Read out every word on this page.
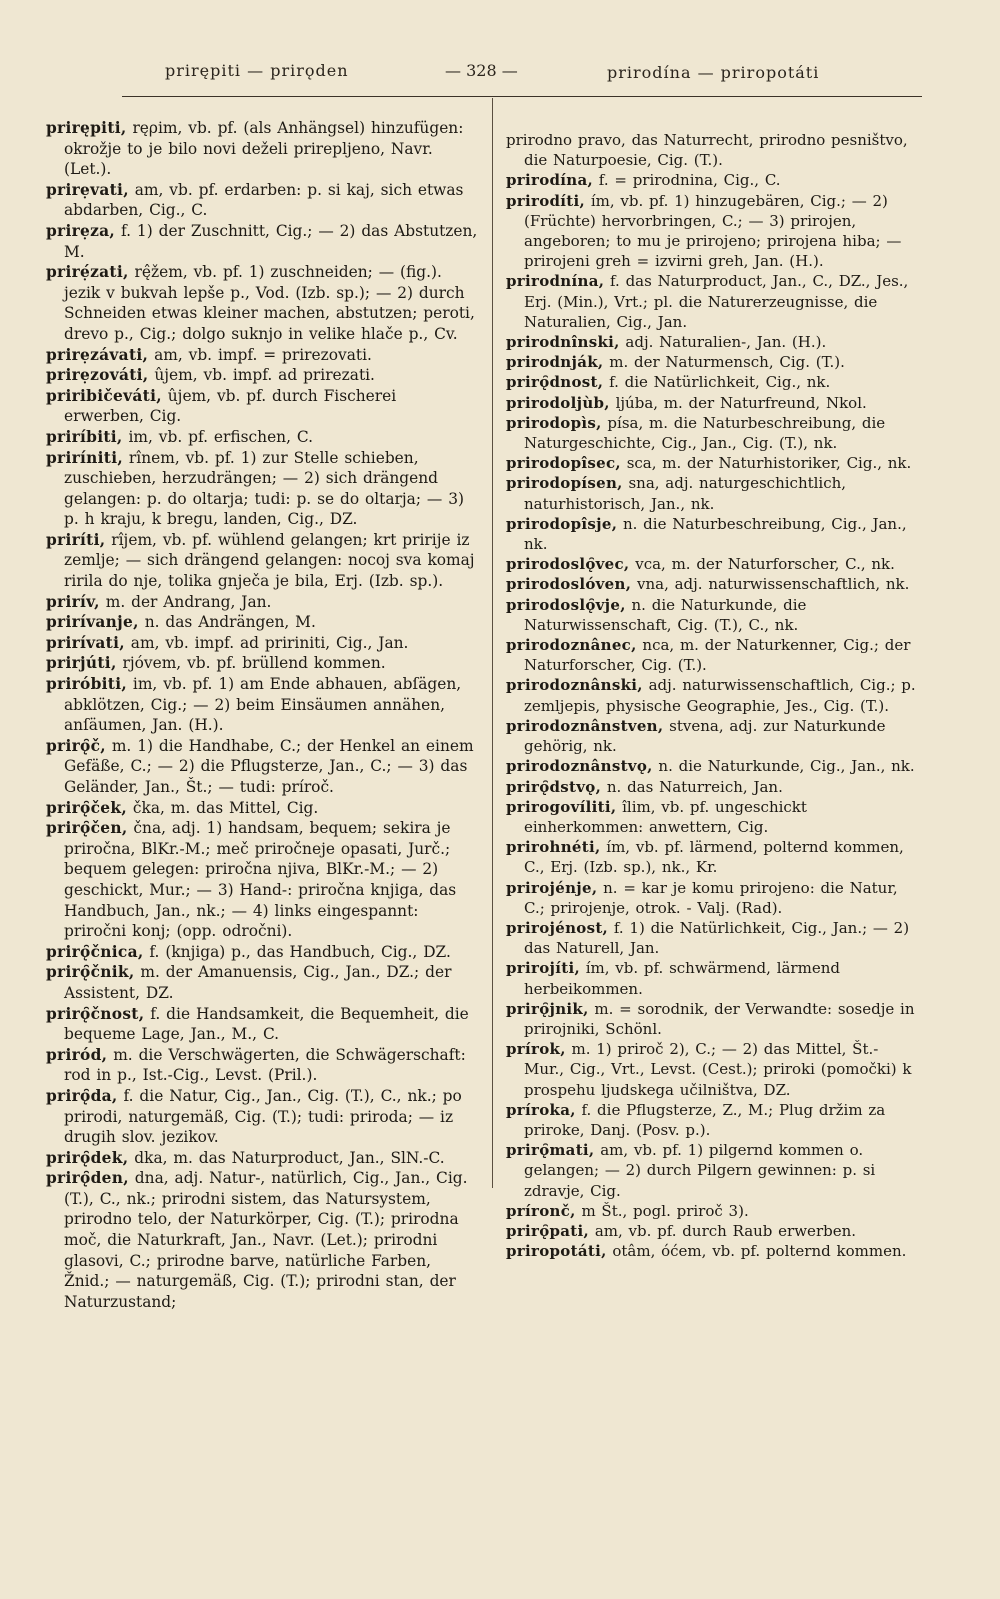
prirępiti — prirǫden	— 328 —	prirodína — priropotáti
prirępiti, ręρim, vb. pf. (als Anhängsel) hinzufügen: okrožje to je bilo novi deželi prirepljeno, Navr. (Let.).
prirẹvati, am, vb. pf. erdarben: p. si kaj, sich etwas abdarben, Cig., C.
prirẹza, f. 1) der Zuschnitt, Cig.; — 2) das Abstutzen, M.
prirẹ́zati, rę̂žem, vb. pf. 1) zuschneiden; — (fig.). jezik v bukvah lepše p., Vod. (Izb. sp.); — 2) durch Schneiden etwas kleiner machen, abstutzen; peroti, drevo p., Cig.; dolgo suknjo in velike hlače p., Cv.
prirẹzávati, am, vb. impf. = prirezovati.
prirẹzováti, ûjem, vb. impf. ad prirezati.
priribičeváti, ûjem, vb. pf. durch Fischerei erwerben, Cig.
priríbiti, im, vb. pf. erfischen, C.
priríniti, rînem, vb. pf. 1) zur Stelle schieben, zuschieben, herzudrängen; — 2) sich drängend gelangen: p. do oltarja; tudi: p. se do oltarja; — 3) p. h kraju, k bregu, landen, Cig., DZ.
priríti, rîjem, vb. pf. wühlend gelangen; krt pririje iz zemlje; — sich drängend gelangen: nocoj sva komaj ririla do nje, tolika gnječa je bila, Erj. (Izb. sp.).
prirív, m. der Andrang, Jan.
prirívanje, n. das Andrängen, M.
prirívati, am, vb. impf. ad pririniti, Cig., Jan.
prirjúti, rjóvem, vb. pf. brüllend kommen.
priróbiti, im, vb. pf. 1) am Ende abhauen, abſägen, abklötzen, Cig.; — 2) beim Einsäumen annähen, anſäumen, Jan. (H.).
prirǫ̑č, m. 1) die Handhabe, C.; der Henkel an einem Gefäße, C.; — 2) die Pflugsterze, Jan., C.; — 3) das Geländer, Jan., Št.; — tudi: príroč.
prirǫ̑ček, čka, m. das Mittel, Cig.
prirǫ̑čen, čna, adj. 1) handsam, bequem; sekira je priročna, BlKr.-M.; meč priročneje opasati, Jurč.; bequem gelegen: priročna njiva, BlKr.-M.; — 2) geschickt, Mur.; — 3) Hand-: priročna knjiga, das Handbuch, Jan., nk.; — 4) links eingespannt: priročni konj; (opp. odročni).
prirǫ̑čnica, f. (knjiga) p., das Handbuch, Cig., DZ.
prirǫ̑čnik, m. der Amanuensis, Cig., Jan., DZ.; der Assistent, DZ.
prirǫ̑čnost, f. die Handsamkeit, die Bequemheit, die bequeme Lage, Jan., M., C.
priród, m. die Verschwägerten, die Schwägerschaft: rod in p., Ist.-Cig., Levst. (Pril.).
prirǫ̑da, f. die Natur, Cig., Jan., Cig. (T.), C., nk.; po prirodi, naturgemäß, Cig. (T.); tudi: priroda; — iz drugih slov. jezikov.
prirǫ̑dek, dka, m. das Naturproduct, Jan., SlN.-C.
prirǫ̑den, dna, adj. Natur-, natürlich, Cig., Jan., Cig. (T.), C., nk.; prirodni sistem, das Natursystem, prirodno telo, der Naturkörper, Cig. (T.); prirodna moč, die Naturkraft, Jan., Navr. (Let.); prirodni glasovi, C.; prirodne barve, natürliche Farben, Žnid.; — naturgemäß, Cig. (T.); prirodni stan, der Naturzustand;
prirodno pravo, das Naturrecht, prirodno pesništvo, die Naturpoesie, Cig. (T.).
prirodína, f. = prirodnina, Cig., C.
prirodíti, ím, vb. pf. 1) hinzugebären, Cig.; — 2) (Früchte) hervorbringen, C.; — 3) prirojen, angeboren; to mu je prirojeno; prirojena hiba; — prirojeni greh = izvirni greh, Jan. (H.).
prirodnína, f. das Naturproduct, Jan., C., DZ., Jes., Erj. (Min.), Vrt.; pl. die Naturerzeugnisse, die Naturalien, Cig., Jan.
prirodnînski, adj. Naturalien-, Jan. (H.).
prirodnják, m. der Naturmensch, Cig. (T.).
prirǫ̑dnost, f. die Natürlichkeit, Cig., nk.
prirodoljùb, ljúba, m. der Naturfreund, Nkol.
prirodopìs, písa, m. die Naturbeschreibung, die Naturgeschichte, Cig., Jan., Cig. (T.), nk.
prirodopîsec, sca, m. der Naturhistoriker, Cig., nk.
prirodopísen, sna, adj. naturgeschichtlich, naturhistorisch, Jan., nk.
prirodopîsje, n. die Naturbeschreibung, Cig., Jan., nk.
prirodoslǫ̑vec, vca, m. der Naturforscher, C., nk.
prirodoslóven, vna, adj. naturwissenschaftlich, nk.
prirodoslǫ̑vje, n. die Naturkunde, die Naturwissenschaft, Cig. (T.), C., nk.
prirodoznânec, nca, m. der Naturkenner, Cig.; der Naturforscher, Cig. (T.).
prirodoznânski, adj. naturwissenschaftlich, Cig.; p. zemljepis, physische Geographie, Jes., Cig. (T.).
prirodoznânstven, stvena, adj. zur Naturkunde gehörig, nk.
prirodoznânstvǫ, n. die Naturkunde, Cig., Jan., nk.
prirǫ̑dstvǫ, n. das Naturreich, Jan.
prirogovíliti, îlim, vb. pf. ungeschickt einherkommen: anwettern, Cig.
prirohnéti, ím, vb. pf. lärmend, polternd kommen, C., Erj. (Izb. sp.), nk., Kr.
prirojénje, n. = kar je komu prirojeno: die Natur, C.; prirojenje, otrok. - Valj. (Rad).
prirojénost, f. 1) die Natürlichkeit, Cig., Jan.; — 2) das Naturell, Jan.
prirojíti, ím, vb. pf. schwärmend, lärmend herbeikommen.
prirǫ̑jnik, m. = sorodnik, der Verwandte: sosedje in prirojniki, Schönl.
prírok, m. 1) priroč 2), C.; — 2) das Mittel, Št.-Mur., Cig., Vrt., Levst. (Cest.); priroki (pomočki) k prospehu ljudskega učilništva, DZ.
príroka, f. die Pflugsterze, Z., M.; Plug držim za priroke, Danj. (Posv. p.).
prirǫ̑mati, am, vb. pf. 1) pilgernd kommen o. gelangen; — 2) durch Pilgern gewinnen: p. si zdravje, Cig.
príronč, m Št., pogl. priroč 3).
prirǫ̑pati, am, vb. pf. durch Raub erwerben.
priropotáti, otâm, óćem, vb. pf. polternd kommen.
